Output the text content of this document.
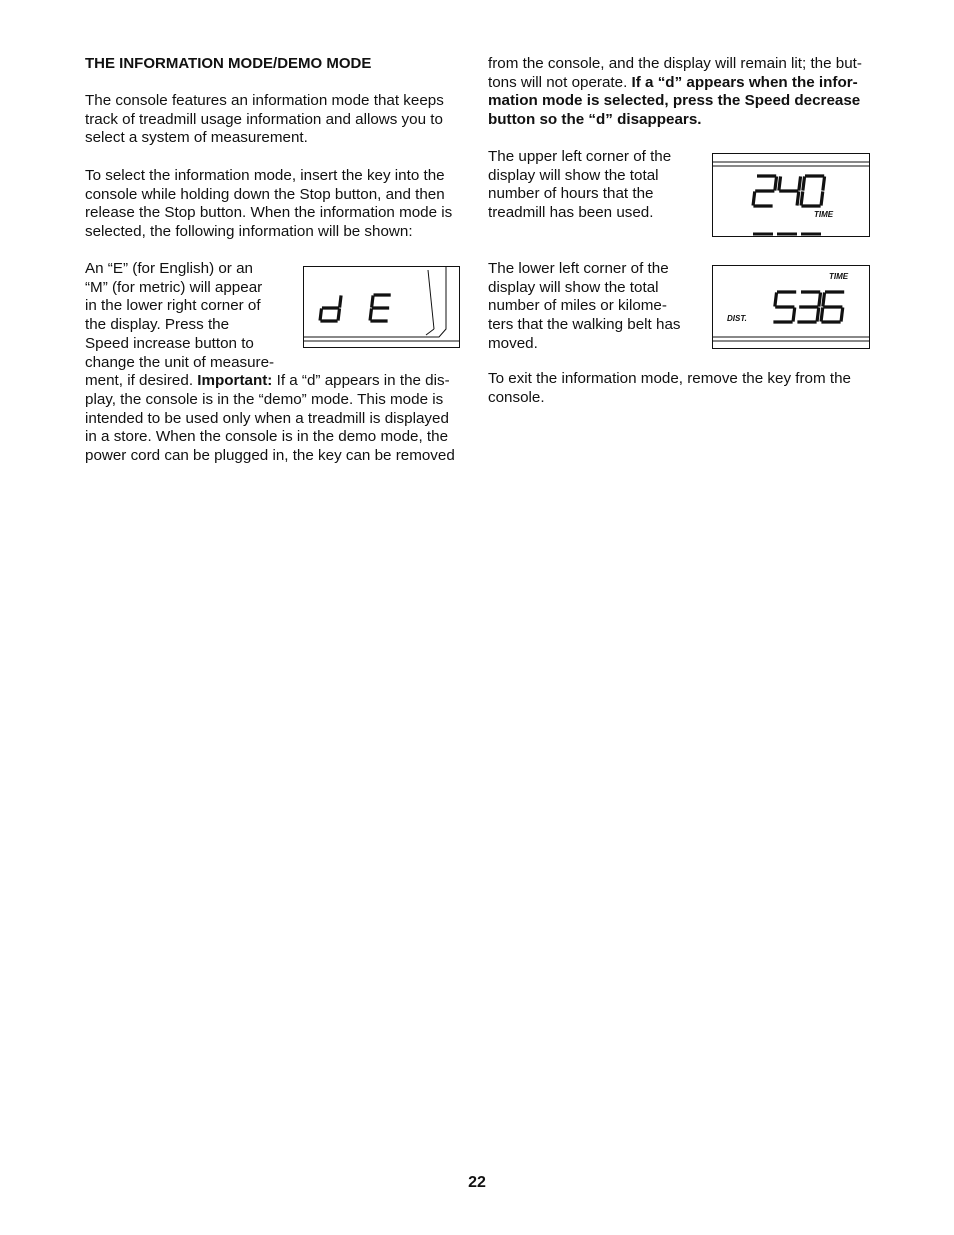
THE INFORMATION MODE/DEMO MODE

The console features an information mode that keeps
track of treadmill usage information and allows you to
select a system of measurement.

To select the information mode, insert the key into the
console while holding down the Stop button, and then
release the Stop button. When the information mode is
selected, the following information will be shown:

An “E” (for English) or an
“M” (for metric) will appear
in the lower right corner of
the display. Press the
Speed increase button to
change the unit of measure-
ment, if desired. Important: If a “d” appears in the dis-
play, the console is in the “demo” mode. This mode is
intended to be used only when a treadmill is displayed
in a store. When the console is in the demo mode, the
power cord can be plugged in, the key can be removed

from the console, and the display will remain lit; the but-
tons will not operate. If a “d” appears when the infor-
mation mode is selected, press the Speed decrease
button so the “d” disappears.

The upper left corner of the
display will show the total
number of hours that the
treadmill has been used.	TIME

The lower left corner of the
display will show the total
number of miles or kilome-
ters that the walking belt has
moved.

TIME
DIST.

To exit the information mode, remove the key from the
console.

22
